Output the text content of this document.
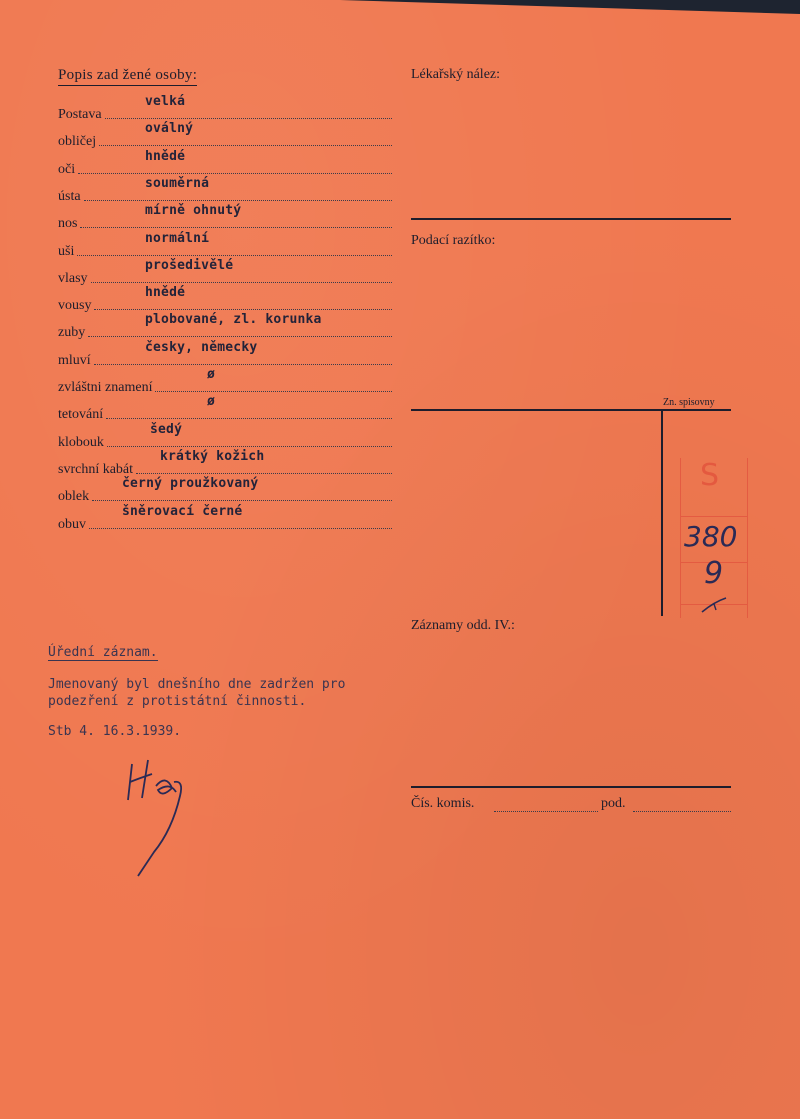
Popis zad žené osoby:
Postava
velká
obličej
oválný
oči
hnědé
ústa
souměrná
nos
mírně ohnutý
uši
normální
vlasy
prošedivělé
vousy
hnědé
zuby
plobované, zl. korunka
mluví
česky, německy
zvláštni znamení
ø
tetování
ø
klobouk
šedý
svrchní kabát
krátký kožich
oblek
černý proužkovaný
obuv
šněrovací černé
Lékařský nález:
Podací razítko:
Zn. spisovny
S
380
9
Záznamy odd. IV.:
Čís. komis.	pod.
Úřední záznam.
Jmenovaný byl dnešního dne zadržen pro
podezření z protistátní činnosti.
Stb 4. 16.3.1939.
